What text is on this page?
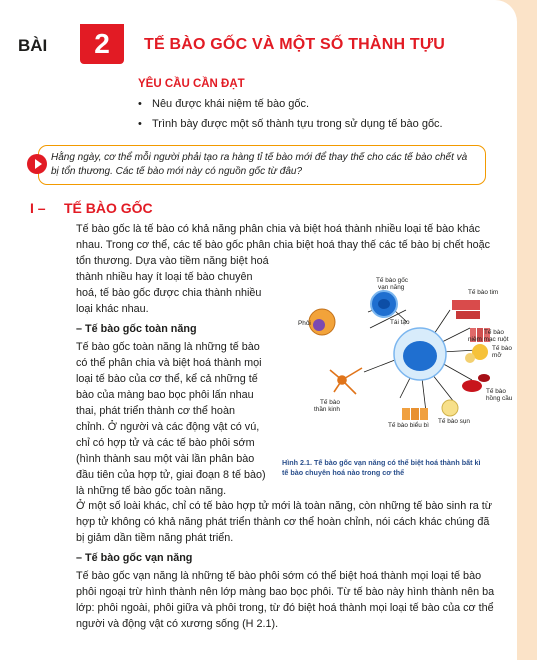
BÀI	2	TẾ BÀO GỐC VÀ MỘT SỐ THÀNH TỰU
YÊU CẦU CẦN ĐẠT
• Nêu được khái niệm tế bào gốc.
• Trình bày được một số thành tựu trong sử dụng tế bào gốc.
Hằng ngày, cơ thể mỗi người phải tạo ra hàng tỉ tế bào mới để thay thế cho các tế bào chết và
bị tổn thương. Các tế bào mới này có nguồn gốc từ đâu?
I – TẾ BÀO GỐC
Tế bào gốc là tế bào có khả năng phân chia và biệt hoá thành nhiều loại tế bào khác
nhau. Trong cơ thể, các tế bào gốc phân chia biệt hoá thay thế các tế bào bị chết hoặc
tổn thương. Dựa vào tiềm năng biệt hoá
thành nhiều hay ít loại tế bào chuyên
hoá, tế bào gốc được chia thành nhiều
loại khác nhau.
– Tế bào gốc toàn năng
Tế bào gốc toàn năng là những tế bào
có thể phân chia và biệt hoá thành mọi
loại tế bào của cơ thể, kể cả những tế
bào của màng bao bọc phôi lấn nhau
thai, phát triển thành cơ thể hoàn
chỉnh. Ở người và các động vật có vú,
chỉ có hợp tử và các tế bào phôi sớm
(hình thành sau một vài lần phân bào
đầu tiên của hợp tử, giai đoạn 8 tế bào)
là những tế bào gốc toàn năng.
Tế bào gốc
vạn năng
Phôi	Tái tạo
Tế bào tim
Tế bào
niêm mạc ruột
Tế bào
mỡ
Tế bào
hồng cầu
Tế bào sụn
Tế bào biểu bì
Tế bào
thần kinh
Hình 2.1. Tế bào gốc vạn năng có thể biệt hoá thành bất kì
tế bào chuyên hoá nào trong cơ thể
Ở một số loài khác, chỉ có tế bào hợp tử mới là toàn năng, còn những tế bào sinh ra từ
hợp tử không có khả năng phát triển thành cơ thể hoàn chỉnh, nói cách khác chúng đã
bị giảm dần tiềm năng phát triển.
– Tế bào gốc vạn năng
Tế bào gốc vạn năng là những tế bào phôi sớm có thể biệt hoá thành mọi loại tế bào
phôi ngoại trừ hình thành nên lớp màng bao bọc phôi. Từ tế bào này hình thành nên ba
lớp: phôi ngoài, phôi giữa và phôi trong, từ đó biệt hoá thành mọi loại tế bào của cơ thể
người và động vật có xương sống (H 2.1).
